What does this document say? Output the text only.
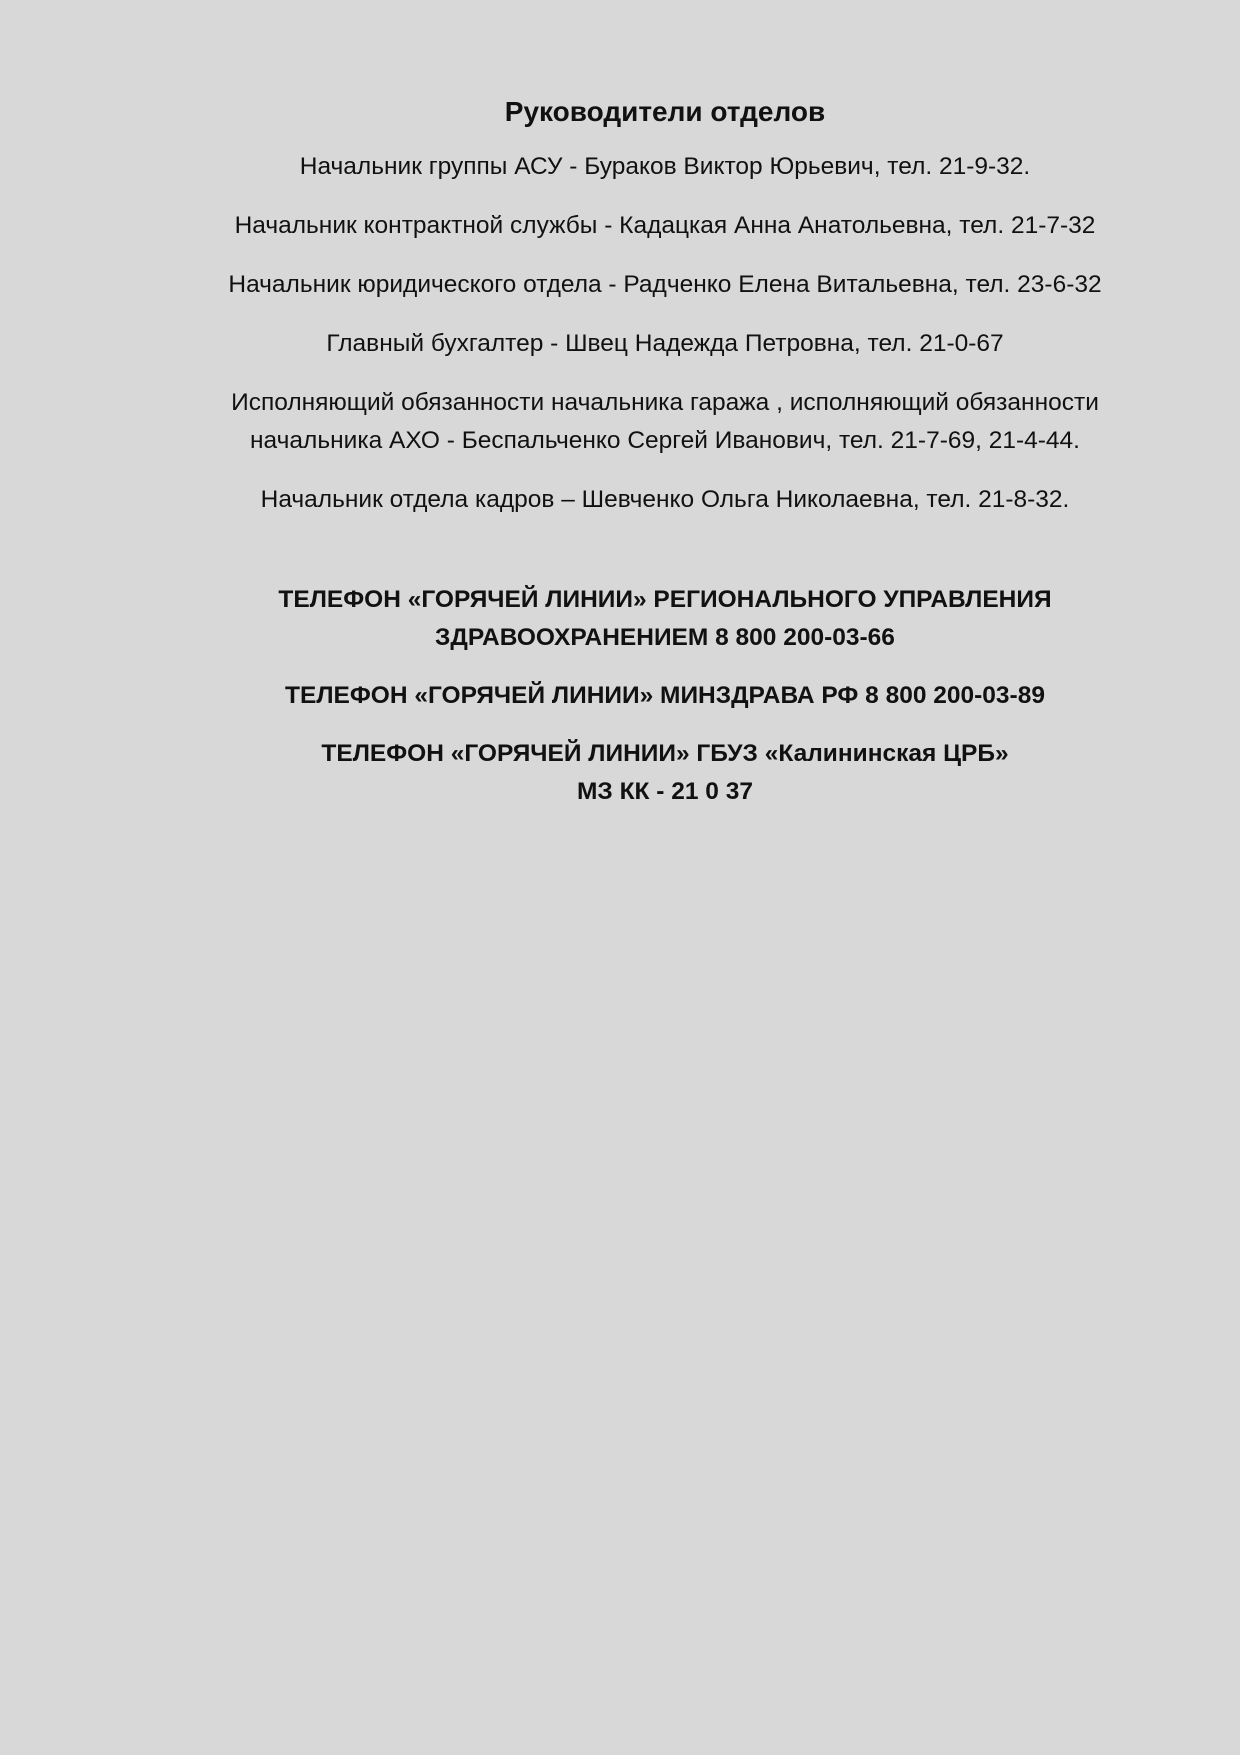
Руководители отделов
Начальник группы АСУ - Бураков Виктор Юрьевич, тел. 21-9-32.
Начальник контрактной службы - Кадацкая Анна Анатольевна, тел. 21-7-32
Начальник юридического отдела - Радченко Елена Витальевна, тел. 23-6-32
Главный бухгалтер - Швец Надежда Петровна, тел. 21-0-67
Исполняющий обязанности начальника гаража , исполняющий обязанности
начальника АХО - Беспальченко Сергей Иванович, тел. 21-7-69, 21-4-44.
Начальник отдела кадров – Шевченко Ольга Николаевна, тел. 21-8-32.

ТЕЛЕФОН «ГОРЯЧЕЙ ЛИНИИ» РЕГИОНАЛЬНОГО УПРАВЛЕНИЯ
ЗДРАВООХРАНЕНИЕМ 8 800 200-03-66

ТЕЛЕФОН «ГОРЯЧЕЙ ЛИНИИ» МИНЗДРАВА РФ 8 800 200-03-89

ТЕЛЕФОН «ГОРЯЧЕЙ ЛИНИИ» ГБУЗ «Калининская ЦРБ»
МЗ КК - 21 0 37
